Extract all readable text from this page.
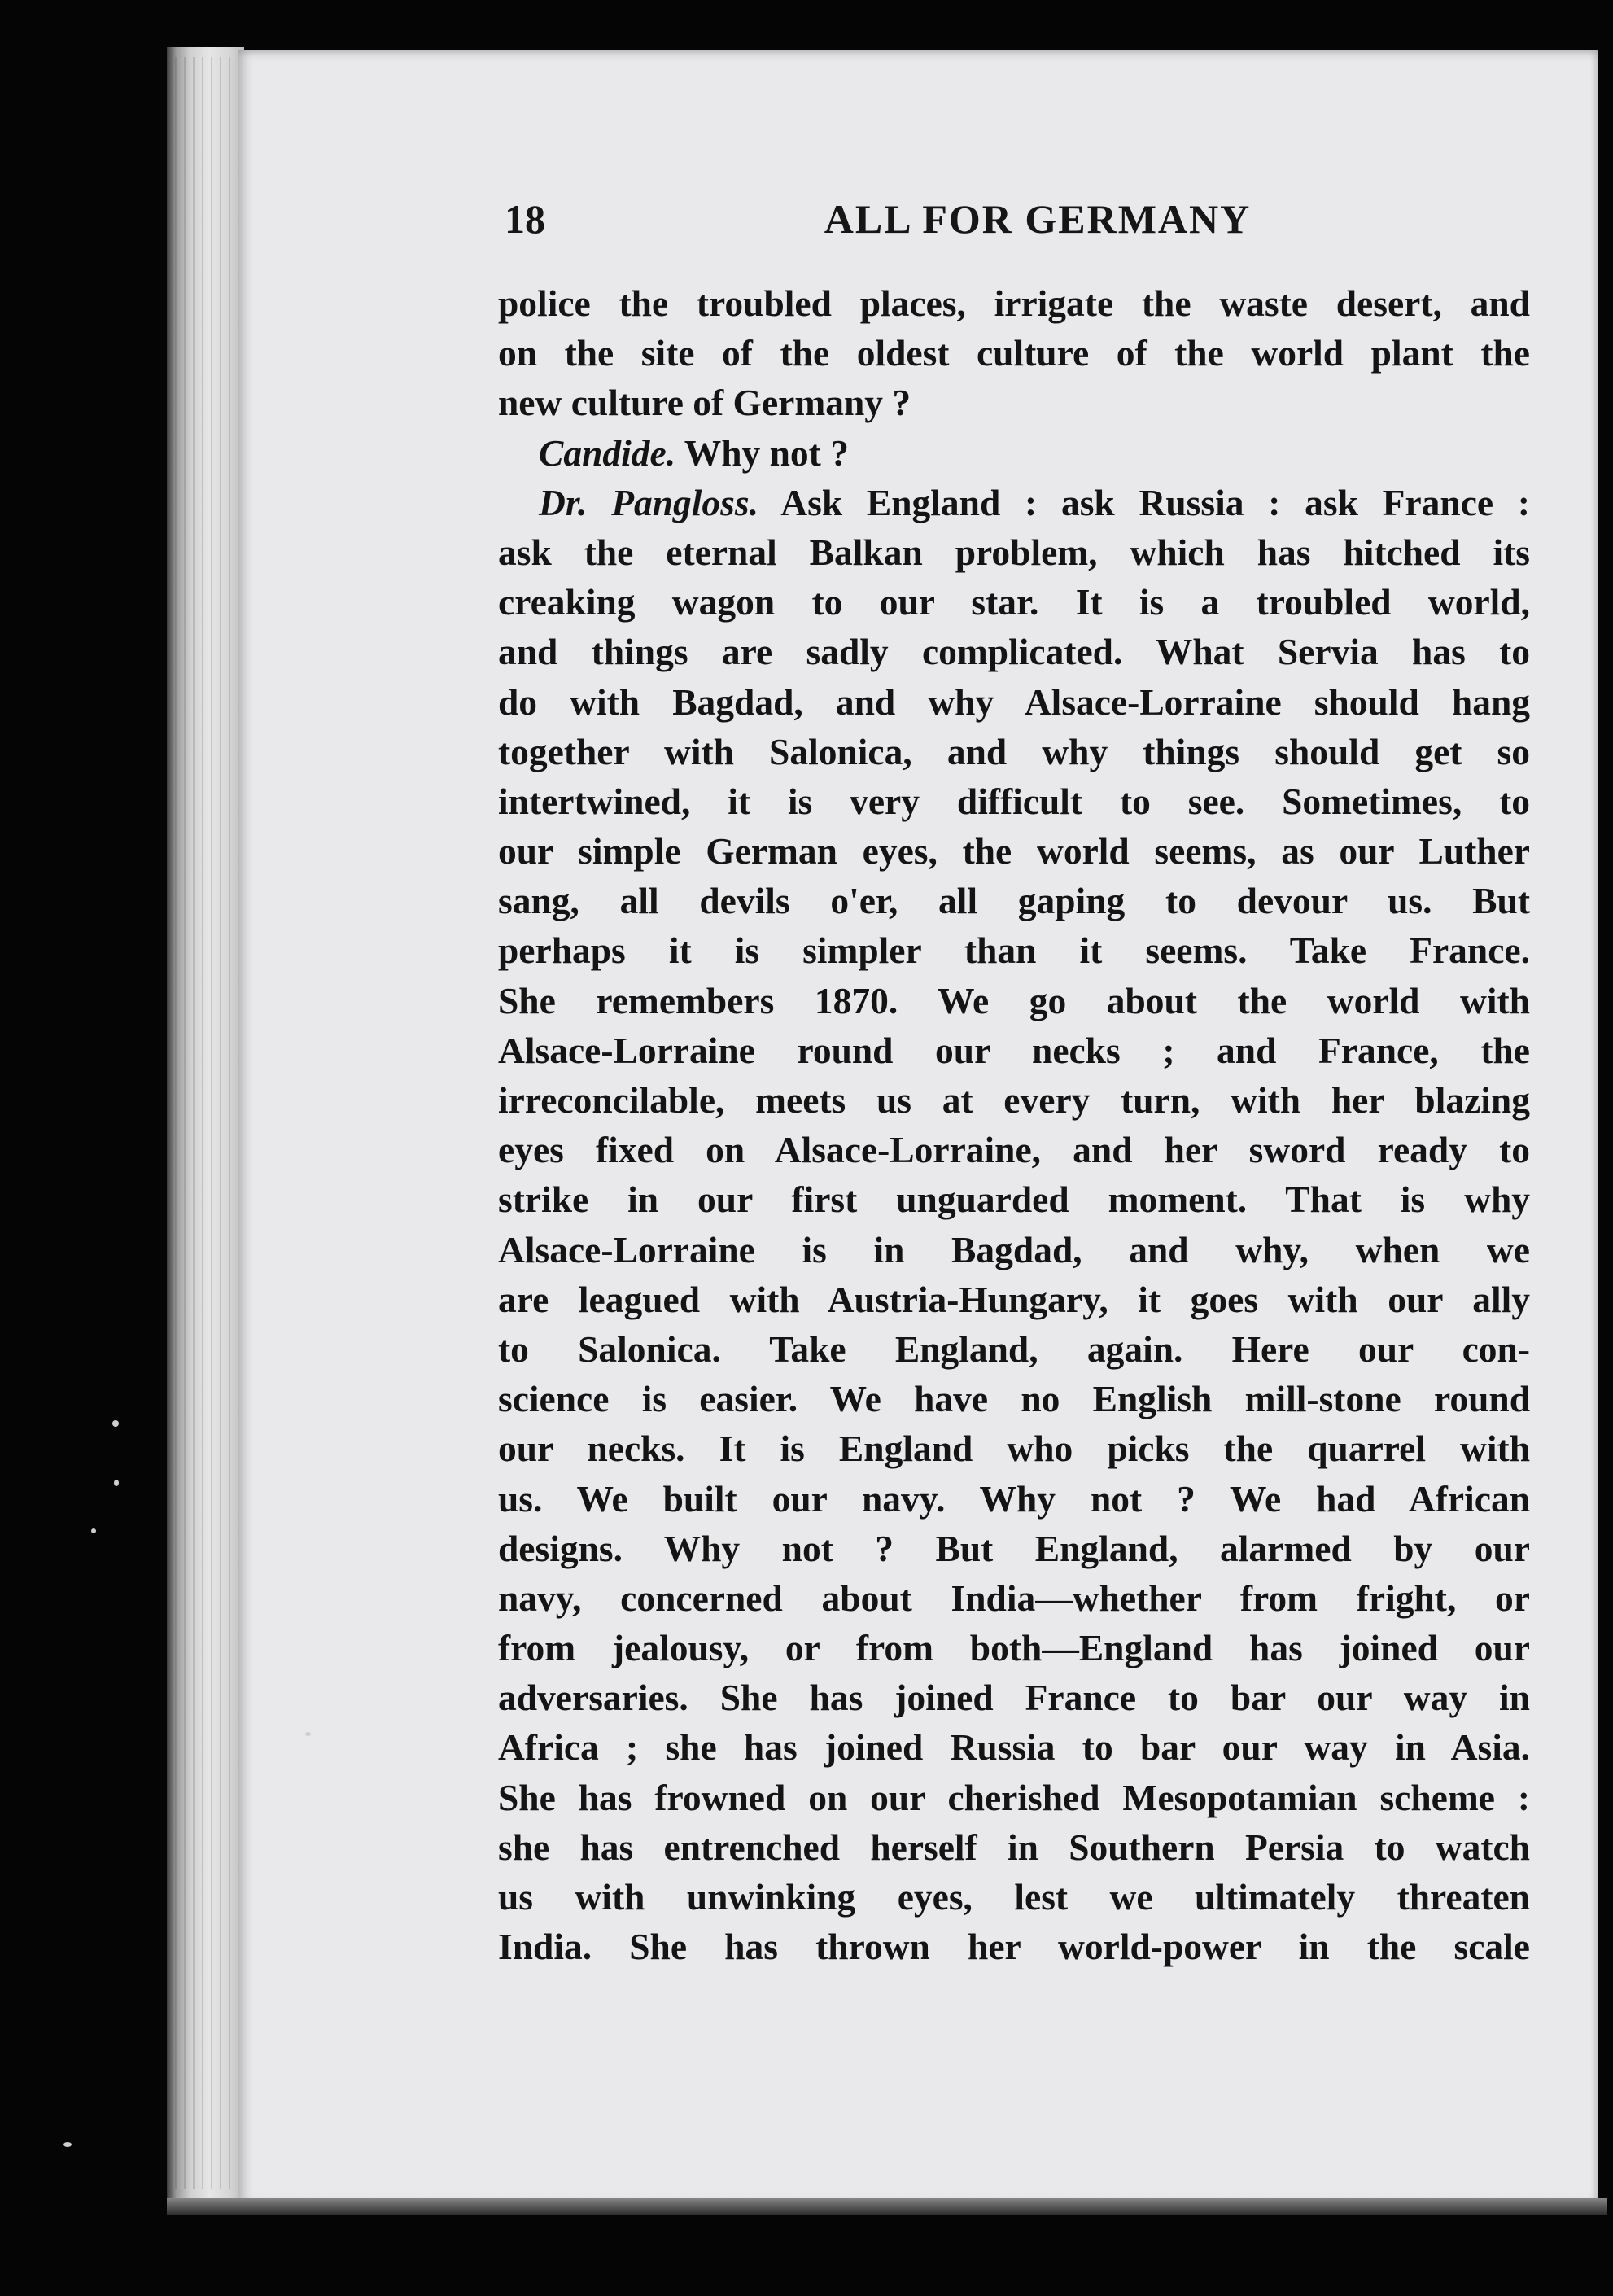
18	ALL FOR GERMANY
police the troubled places, irrigate the waste desert, and
on the site of the oldest culture of the world plant the
new culture of Germany ?
Candide. Why not ?
Dr. Pangloss. Ask England : ask Russia : ask France :
ask the eternal Balkan problem, which has hitched its
creaking wagon to our star. It is a troubled world,
and things are sadly complicated. What Servia has to
do with Bagdad, and why Alsace-Lorraine should hang
together with Salonica, and why things should get so
intertwined, it is very difficult to see. Sometimes, to
our simple German eyes, the world seems, as our Luther
sang, all devils o'er, all gaping to devour us. But
perhaps it is simpler than it seems. Take France.
She remembers 1870. We go about the world with
Alsace-Lorraine round our necks ; and France, the
irreconcilable, meets us at every turn, with her blazing
eyes fixed on Alsace-Lorraine, and her sword ready to
strike in our first unguarded moment. That is why
Alsace-Lorraine is in Bagdad, and why, when we
are leagued with Austria-Hungary, it goes with our ally
to Salonica. Take England, again. Here our con-
science is easier. We have no English mill-stone round
our necks. It is England who picks the quarrel with
us. We built our navy. Why not ? We had African
designs. Why not ? But England, alarmed by our
navy, concerned about India—whether from fright, or
from jealousy, or from both—England has joined our
adversaries. She has joined France to bar our way in
Africa ; she has joined Russia to bar our way in Asia.
She has frowned on our cherished Mesopotamian scheme :
she has entrenched herself in Southern Persia to watch
us with unwinking eyes, lest we ultimately threaten
India. She has thrown her world-power in the scale
